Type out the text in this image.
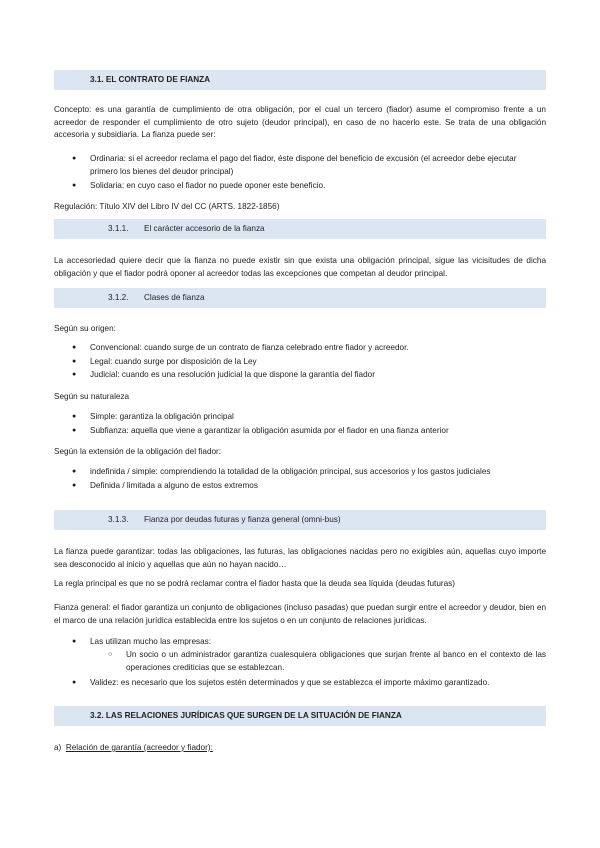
3.1. EL CONTRATO DE FIANZA
Concepto: es una garantía de cumplimiento de otra obligación, por el cual un tercero (fiador) asume el compromiso frente a un acreedor de responder el cumplimiento de otro sujeto (deudor principal), en caso de no hacerlo este. Se trata de una obligación accesoria y subsidiaria. La fianza puede ser:
● Ordinaria: si el acreedor reclama el pago del fiador, éste dispone del beneficio de excusión (el acreedor debe ejecutar primero los bienes del deudor principal)
● Solidaria: en cuyo caso el fiador no puede oponer este beneficio.
Regulación: Título XIV del Libro IV del CC (ARTS. 1822-1856)
3.1.1. El carácter accesorio de la fianza
La accesoriedad quiere decir que la fianza no puede existir sin que exista una obligación principal, sigue las vicisitudes de dicha obligación y que el fiador podrá oponer al acreedor todas las excepciones que competan al deudor principal.
3.1.2. Clases de fianza
Según su origen:
● Convencional: cuando surge de un contrato de fianza celebrado entre fiador y acreedor.
● Legal: cuando surge por disposición de la Ley
● Judicial: cuando es una resolución judicial la que dispone la garantía del fiador
Según su naturaleza
● Simple: garantiza la obligación principal
● Subfianza: aquella que viene a garantizar la obligación asumida por el fiador en una fianza anterior
Según la extensión de la obligación del fiador:
● indefinida / simple: comprendiendo la totalidad de la obligación principal, sus accesorios y los gastos judiciales
● Definida / limitada a alguno de estos extremos
3.1.3. Fianza por deudas futuras y fianza general (omni-bus)
La fianza puede garantizar: todas las obligaciones, las futuras, las obligaciones nacidas pero no exigibles aún, aquellas cuyo importe sea desconocido al inicio y aquellas que aún no hayan nacido…
La regla principal es que no se podrá reclamar contra el fiador hasta que la deuda sea líquida (deudas futuras)
Fianza general: el fiador garantiza un conjunto de obligaciones (incluso pasadas) que puedan surgir entre el acreedor y deudor, bien en el marco de una relación jurídica establecida entre los sujetos o en un conjunto de relaciones jurídicas.
● Las utilizan mucho las empresas:
○ Un socio o un administrador garantiza cualesquiera obligaciones que surjan frente al banco en el contexto de las operaciones crediticias que se establezcan.
● Validez: es necesario que los sujetos estén determinados y que se establezca el importe máximo garantizado.
3.2. LAS RELACIONES JURÍDICAS QUE SURGEN DE LA SITUACIÓN DE FIANZA
a) Relación de garantía (acreedor y fiador):
